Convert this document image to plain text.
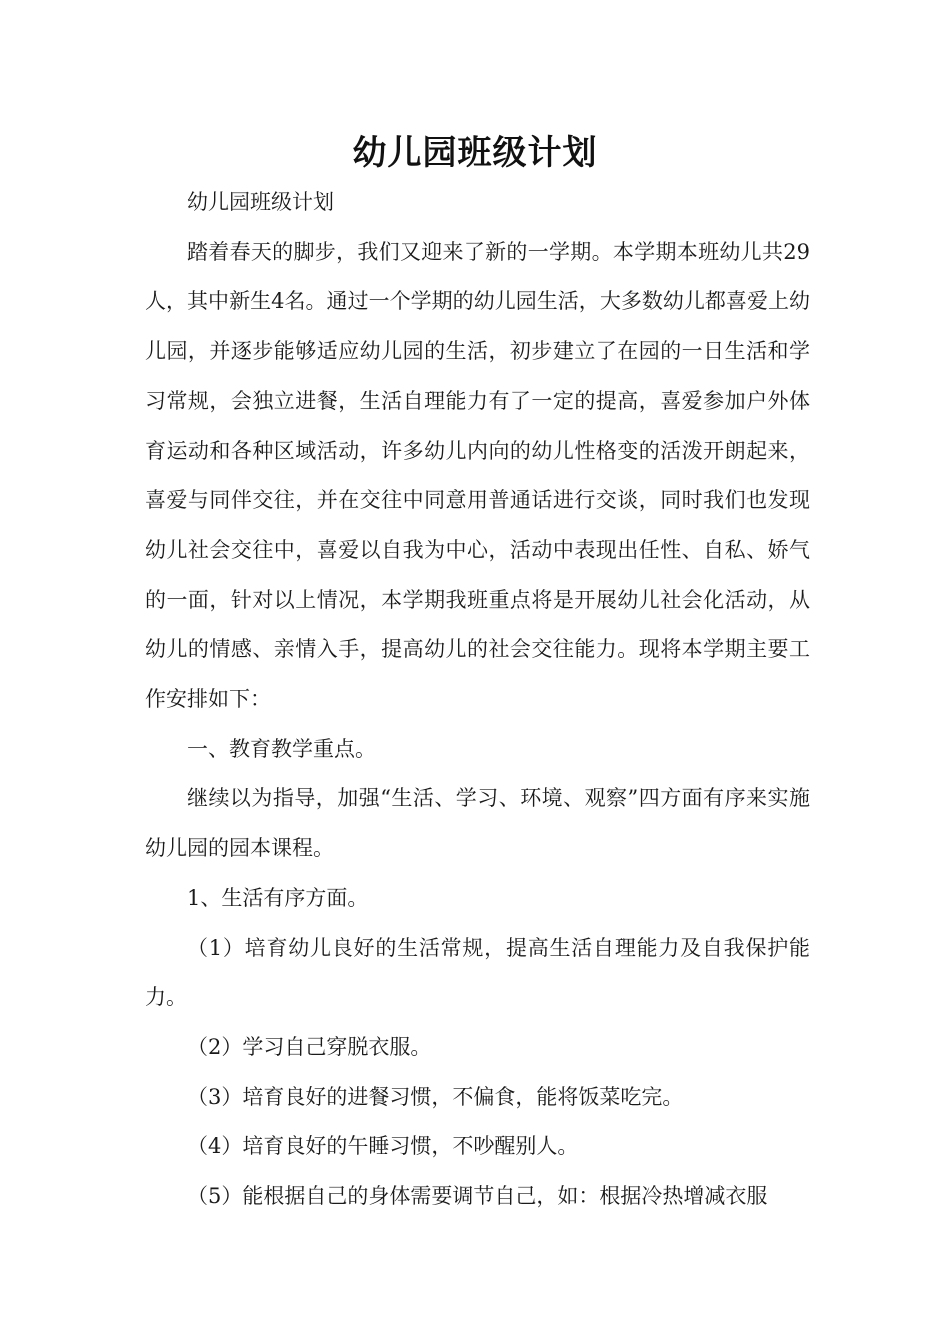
幼儿园班级计划

幼儿园班级计划

踏着春天的脚步，我们又迎来了新的一学期。本学期本班幼儿共29人，其中新生4名。通过一个学期的幼儿园生活，大多数幼儿都喜爱上幼儿园，并逐步能够适应幼儿园的生活，初步建立了在园的一日生活和学习常规，会独立进餐，生活自理能力有了一定的提高，喜爱参加户外体育运动和各种区域活动，许多幼儿内向的幼儿性格变的活泼开朗起来，喜爱与同伴交往，并在交往中同意用普通话进行交谈，同时我们也发现幼儿社会交往中，喜爱以自我为中心，活动中表现出任性、自私、娇气的一面，针对以上情况，本学期我班重点将是开展幼儿社会化活动，从幼儿的情感、亲情入手，提高幼儿的社会交往能力。现将本学期主要工作安排如下：

一、教育教学重点。

继续以为指导，加强“生活、学习、环境、观察”四方面有序来实施幼儿园的园本课程。

1、生活有序方面。

（1）培育幼儿良好的生活常规，提高生活自理能力及自我保护能力。

（2）学习自己穿脱衣服。

（3）培育良好的进餐习惯，不偏食，能将饭菜吃完。

（4）培育良好的午睡习惯，不吵醒别人。

（5）能根据自己的身体需要调节自己，如：根据冷热增减衣服
